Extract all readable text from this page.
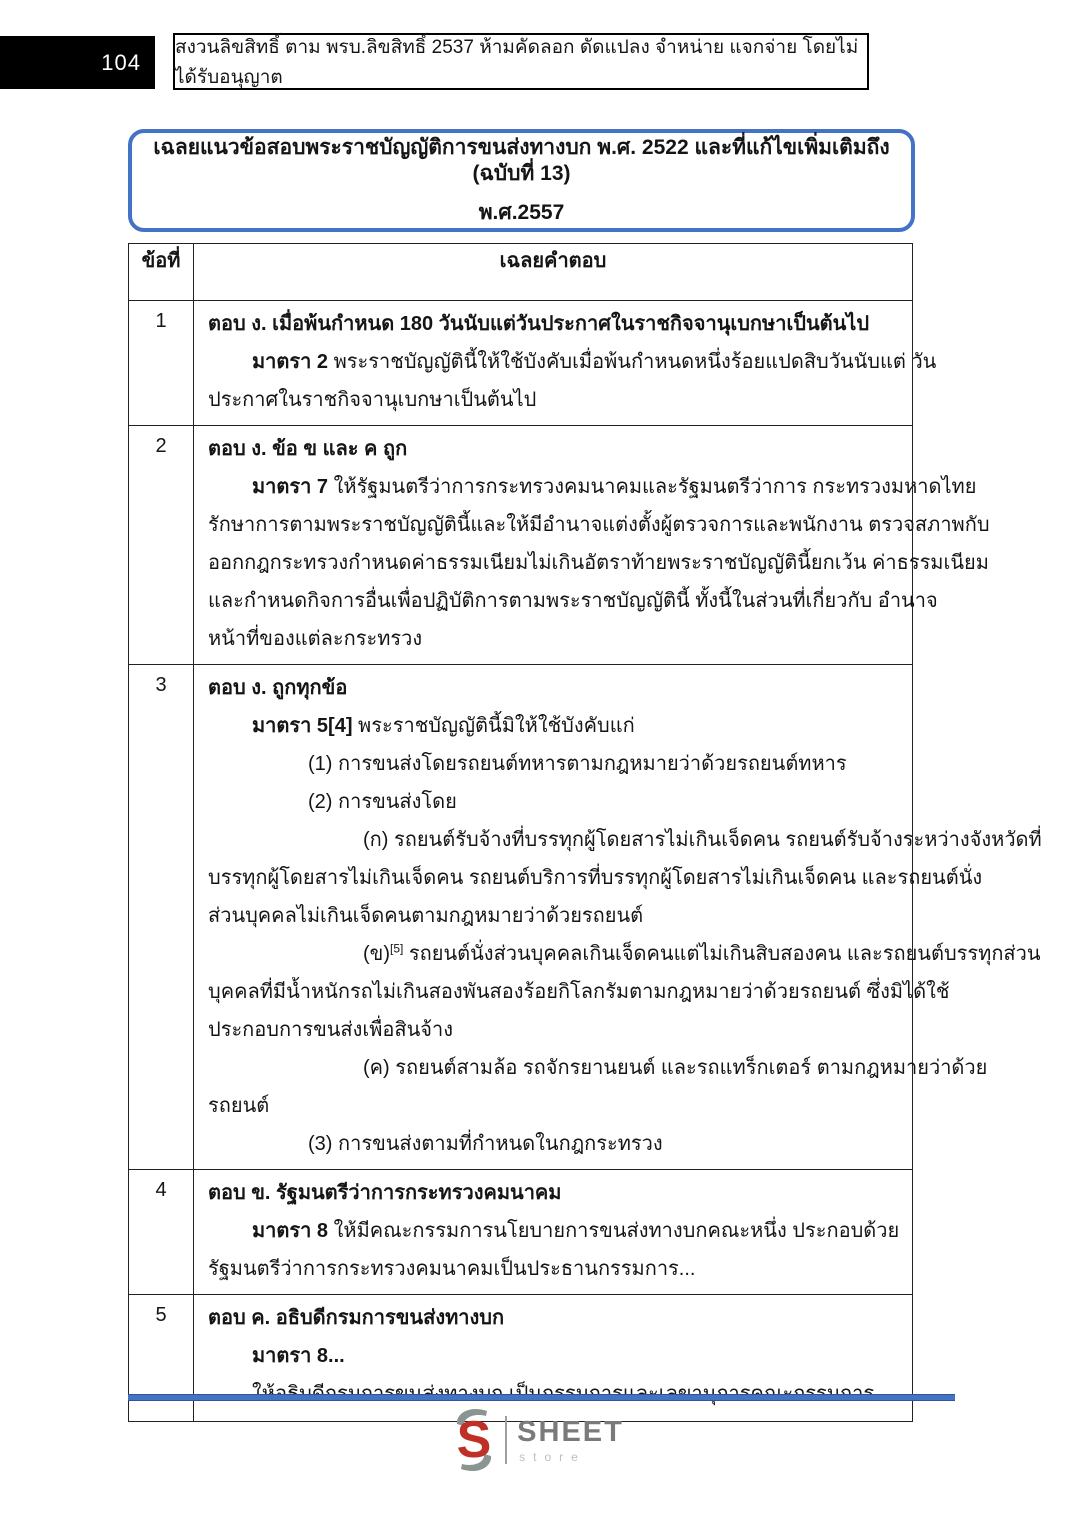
104
สงวนลิขสิทธิ์ ตาม พรบ.ลิขสิทธิ์ 2537 ห้ามคัดลอก ดัดแปลง จำหน่าย แจกจ่าย โดยไม่ได้รับอนุญาต
เฉลยแนวข้อสอบพระราชบัญญัติการขนส่งทางบก พ.ศ. 2522 และที่แก้ไขเพิ่มเติมถึง (ฉบับที่ 13)
พ.ศ.2557
ข้อที่	เฉลยคำตอบ
1	ตอบ ง. เมื่อพ้นกำหนด 180 วันนับแต่วันประกาศในราชกิจจานุเบกษาเป็นต้นไป
มาตรา 2 พระราชบัญญัตินี้ให้ใช้บังคับเมื่อพ้นกำหนดหนึ่งร้อยแปดสิบวันนับแต่ วัน
ประกาศในราชกิจจานุเบกษาเป็นต้นไป

2	ตอบ ง. ข้อ ข และ ค ถูก
มาตรา 7 ให้รัฐมนตรีว่าการกระทรวงคมนาคมและรัฐมนตรีว่าการ กระทรวงมหาดไทย
รักษาการตามพระราชบัญญัตินี้และให้มีอำนาจแต่งตั้งผู้ตรวจการและพนักงาน ตรวจสภาพกับ
ออกกฎกระทรวงกำหนดค่าธรรมเนียมไม่เกินอัตราท้ายพระราชบัญญัตินี้ยกเว้น ค่าธรรมเนียม
และกำหนดกิจการอื่นเพื่อปฏิบัติการตามพระราชบัญญัตินี้ ทั้งนี้ในส่วนที่เกี่ยวกับ อำนาจ
หน้าที่ของแต่ละกระทรวง

3	ตอบ ง. ถูกทุกข้อ
มาตรา 5[4] พระราชบัญญัตินี้มิให้ใช้บังคับแก่
(1) การขนส่งโดยรถยนต์ทหารตามกฎหมายว่าด้วยรถยนต์ทหาร
(2) การขนส่งโดย
(ก) รถยนต์รับจ้างที่บรรทุกผู้โดยสารไม่เกินเจ็ดคน รถยนต์รับจ้างระหว่างจังหวัดที่
บรรทุกผู้โดยสารไม่เกินเจ็ดคน รถยนต์บริการที่บรรทุกผู้โดยสารไม่เกินเจ็ดคน และรถยนต์นั่ง
ส่วนบุคคลไม่เกินเจ็ดคนตามกฎหมายว่าด้วยรถยนต์
(ข)[5] รถยนต์นั่งส่วนบุคคลเกินเจ็ดคนแต่ไม่เกินสิบสองคน และรถยนต์บรรทุกส่วน
บุคคลที่มีน้ำหนักรถไม่เกินสองพันสองร้อยกิโลกรัมตามกฎหมายว่าด้วยรถยนต์ ซึ่งมิได้ใช้
ประกอบการขนส่งเพื่อสินจ้าง
(ค) รถยนต์สามล้อ รถจักรยานยนต์ และรถแทร็กเตอร์ ตามกฎหมายว่าด้วย
รถยนต์
(3) การขนส่งตามที่กำหนดในกฎกระทรวง

4	ตอบ ข. รัฐมนตรีว่าการกระทรวงคมนาคม
มาตรา 8 ให้มีคณะกรรมการนโยบายการขนส่งทางบกคณะหนึ่ง ประกอบด้วย
รัฐมนตรีว่าการกระทรวงคมนาคมเป็นประธานกรรมการ...

5	ตอบ ค. อธิบดีกรมการขนส่งทางบก
มาตรา 8...
S SHEET
store
